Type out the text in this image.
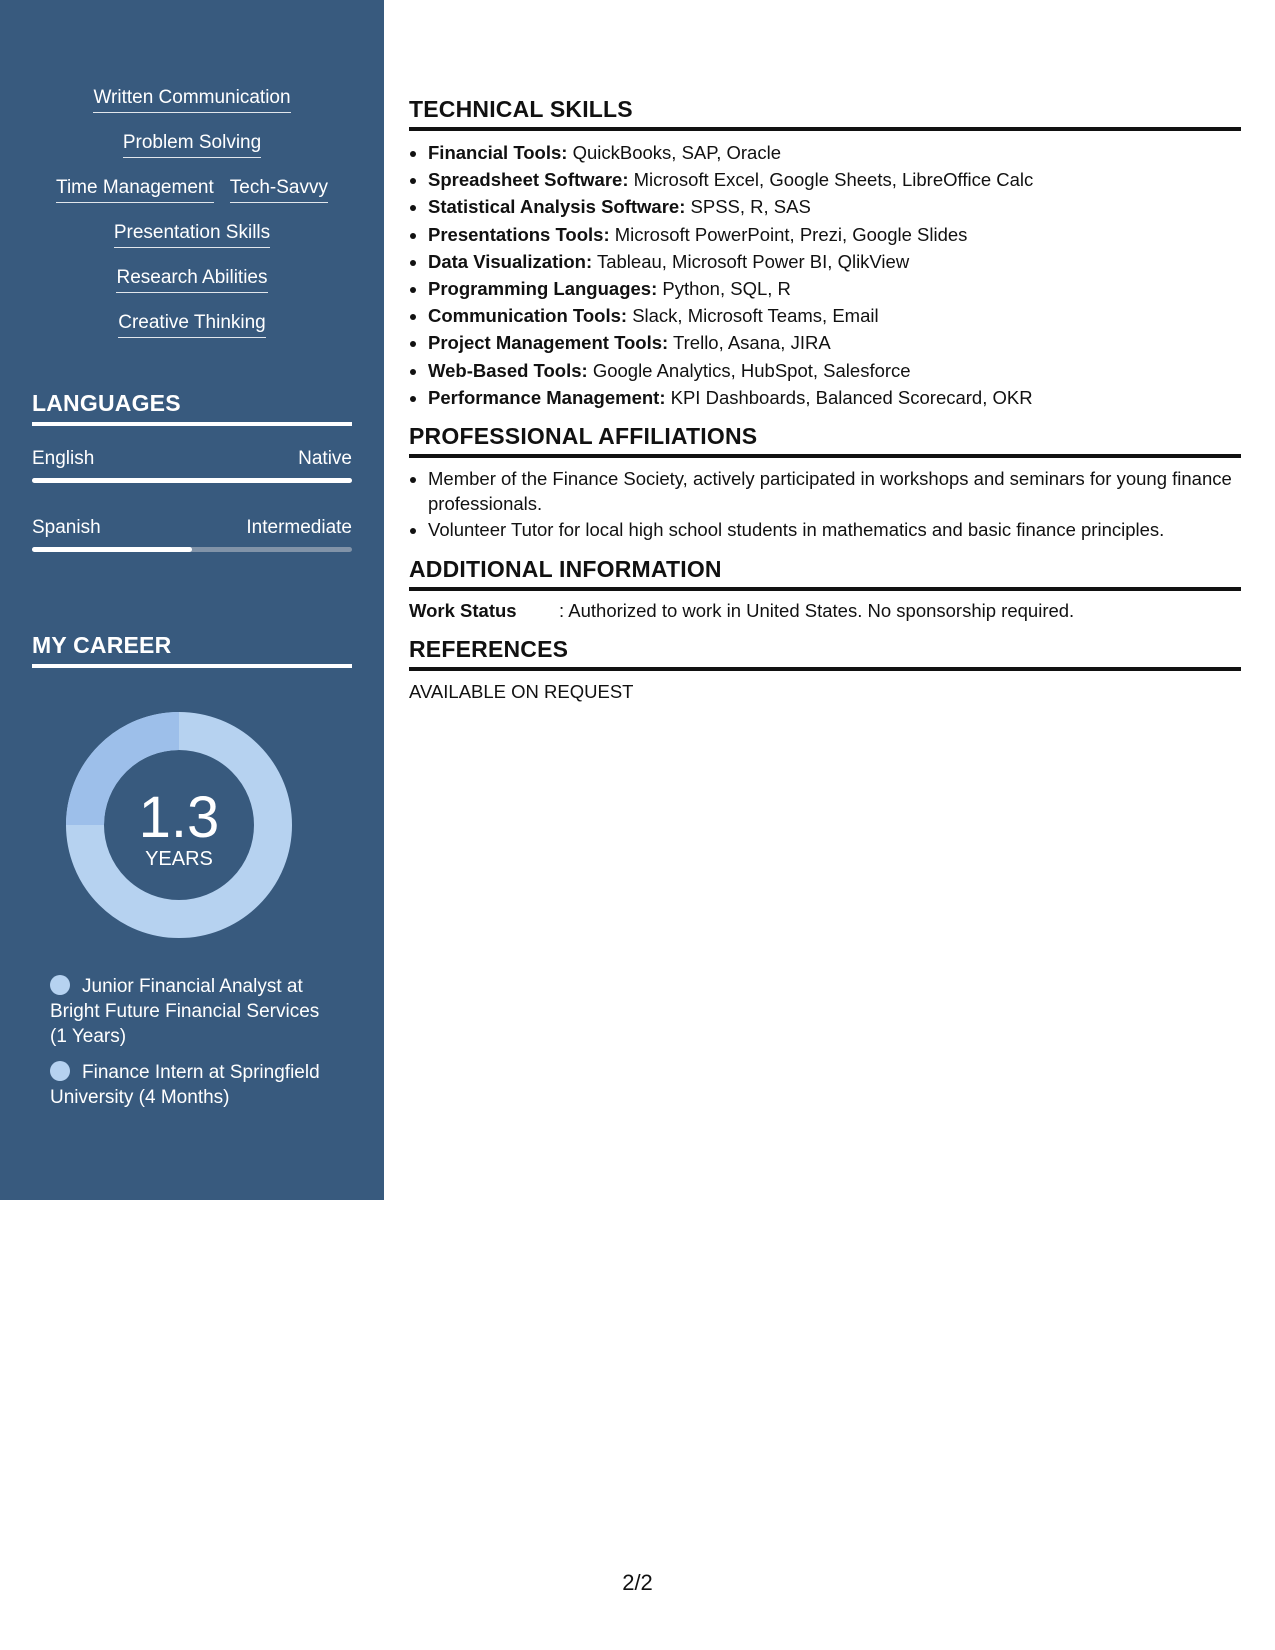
Written Communication
Problem Solving
Time Management Tech-Savvy
Presentation Skills
Research Abilities
Creative Thinking
LANGUAGES
English	Native
Spanish	Intermediate
MY CAREER
1.3
YEARS
Junior Financial Analyst at Bright Future Financial Services (1 Years)
Finance Intern at Springfield University (4 Months)
TECHNICAL SKILLS
• Financial Tools: QuickBooks, SAP, Oracle
• Spreadsheet Software: Microsoft Excel, Google Sheets, LibreOffice Calc
• Statistical Analysis Software: SPSS, R, SAS
• Presentations Tools: Microsoft PowerPoint, Prezi, Google Slides
• Data Visualization: Tableau, Microsoft Power BI, QlikView
• Programming Languages: Python, SQL, R
• Communication Tools: Slack, Microsoft Teams, Email
• Project Management Tools: Trello, Asana, JIRA
• Web-Based Tools: Google Analytics, HubSpot, Salesforce
• Performance Management: KPI Dashboards, Balanced Scorecard, OKR
PROFESSIONAL AFFILIATIONS
• Member of the Finance Society, actively participated in workshops and seminars for young finance professionals.
• Volunteer Tutor for local high school students in mathematics and basic finance principles.
ADDITIONAL INFORMATION
Work Status	: Authorized to work in United States. No sponsorship required.
REFERENCES
AVAILABLE ON REQUEST
2/2
